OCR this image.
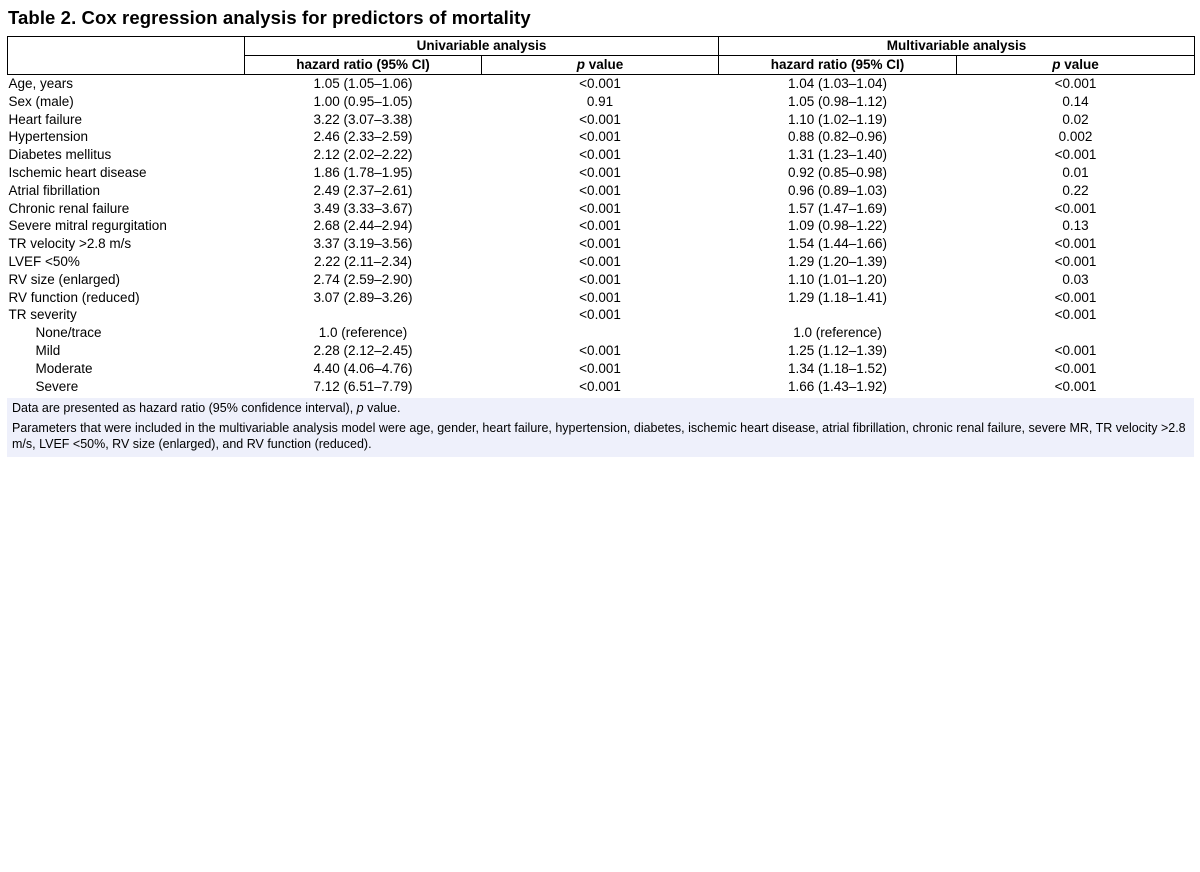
Table 2. Cox regression analysis for predictors of mortality
	Univariable analysis		Multivariable analysis	
	hazard ratio (95% CI)	p value	hazard ratio (95% CI)	p value
Age, years	1.05 (1.05–1.06)	<0.001	1.04 (1.03–1.04)	<0.001
Sex (male)	1.00 (0.95–1.05)	0.91	1.05 (0.98–1.12)	0.14
Heart failure	3.22 (3.07–3.38)	<0.001	1.10 (1.02–1.19)	0.02
Hypertension	2.46 (2.33–2.59)	<0.001	0.88 (0.82–0.96)	0.002
Diabetes mellitus	2.12 (2.02–2.22)	<0.001	1.31 (1.23–1.40)	<0.001
Ischemic heart disease	1.86 (1.78–1.95)	<0.001	0.92 (0.85–0.98)	0.01
Atrial fibrillation	2.49 (2.37–2.61)	<0.001	0.96 (0.89–1.03)	0.22
Chronic renal failure	3.49 (3.33–3.67)	<0.001	1.57 (1.47–1.69)	<0.001
Severe mitral regurgitation	2.68 (2.44–2.94)	<0.001	1.09 (0.98–1.22)	0.13
TR velocity >2.8 m/s	3.37 (3.19–3.56)	<0.001	1.54 (1.44–1.66)	<0.001
LVEF <50%	2.22 (2.11–2.34)	<0.001	1.29 (1.20–1.39)	<0.001
RV size (enlarged)	2.74 (2.59–2.90)	<0.001	1.10 (1.01–1.20)	0.03
RV function (reduced)	3.07 (2.89–3.26)	<0.001	1.29 (1.18–1.41)	<0.001
TR severity		<0.001		<0.001
None/trace	1.0 (reference)		1.0 (reference)	
Mild	2.28 (2.12–2.45)	<0.001	1.25 (1.12–1.39)	<0.001
Moderate	4.40 (4.06–4.76)	<0.001	1.34 (1.18–1.52)	<0.001
Severe	7.12 (6.51–7.79)	<0.001	1.66 (1.43–1.92)	<0.001

Data are presented as hazard ratio (95% confidence interval), p value.

Parameters that were included in the multivariable analysis model were age, gender, heart failure, hypertension, diabetes, ischemic heart disease, atrial fibrillation, chronic renal failure, severe MR, TR velocity >2.8 m/s, LVEF <50%, RV size (enlarged), and RV function (reduced).
